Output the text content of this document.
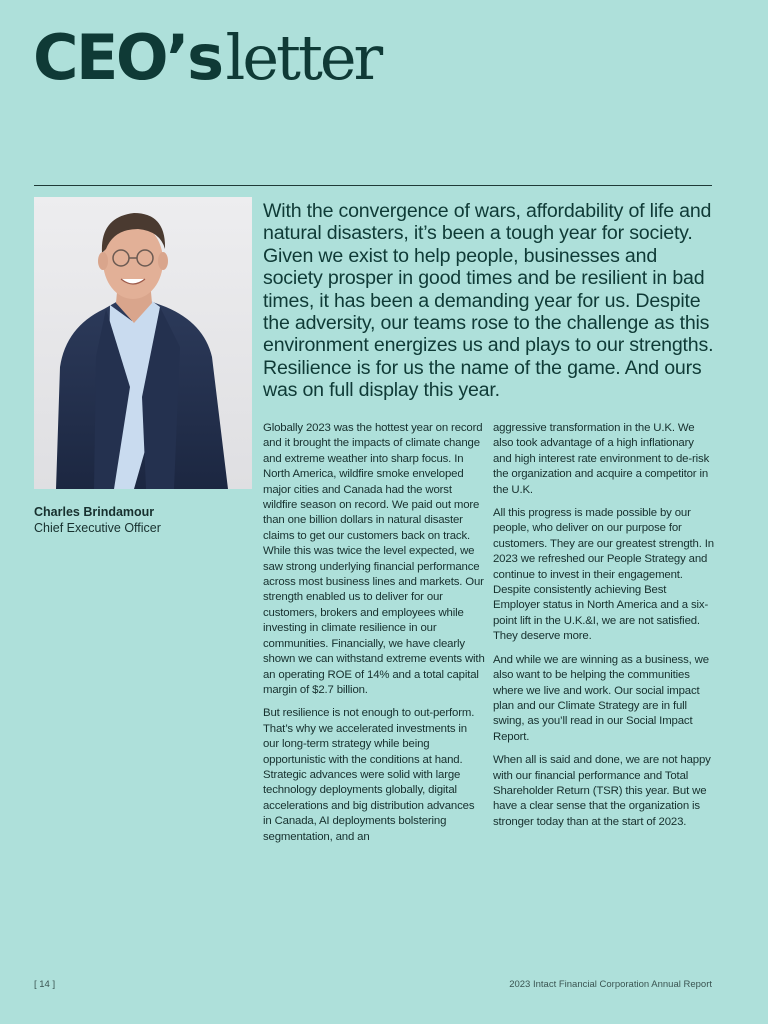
CEO’sletter
Charles Brindamour
Chief Executive Officer

With the convergence of wars, affordability of life and natural disasters, it’s been a tough year for society. Given we exist to help people, businesses and society prosper in good times and be resilient in bad times, it has been a demanding year for us. Despite the adversity, our teams rose to the challenge as this environment energizes us and plays to our strengths. Resilience is for us the name of the game. And ours was on full display this year.

Globally 2023 was the hottest year on record and it brought the impacts of climate change and extreme weather into sharp focus. In North America, wildfire smoke enveloped major cities and Canada had the worst wildfire season on record. We paid out more than one billion dollars in natural disaster claims to get our customers back on track. While this was twice the level expected, we saw strong underlying financial performance across most business lines and markets. Our strength enabled us to deliver for our customers, brokers and employees while investing in climate resilience in our communities. Financially, we have clearly shown we can withstand extreme events with an operating ROE of 14% and a total capital margin of $2.7 billion.

But resilience is not enough to out-perform. That’s why we accelerated investments in our long-term strategy while being opportunistic with the conditions at hand. Strategic advances were solid with large technology deployments globally, digital accelerations and big distribution advances in Canada, AI deployments bolstering segmentation, and an

aggressive transformation in the U.K. We also took advantage of a high inflationary and high interest rate environment to de-risk the organization and acquire a competitor in the U.K.

All this progress is made possible by our people, who deliver on our purpose for customers. They are our greatest strength. In 2023 we refreshed our People Strategy and continue to invest in their engagement. Despite consistently achieving Best Employer status in North America and a six-point lift in the U.K.&I, we are not satisfied. They deserve more.

And while we are winning as a business, we also want to be helping the communities where we live and work. Our social impact plan and our Climate Strategy are in full swing, as you’ll read in our Social Impact Report.

When all is said and done, we are not happy with our financial performance and Total Shareholder Return (TSR) this year. But we have a clear sense that the organization is stronger today than at the start of 2023.

[ 14 ]	2023 Intact Financial Corporation Annual Report
